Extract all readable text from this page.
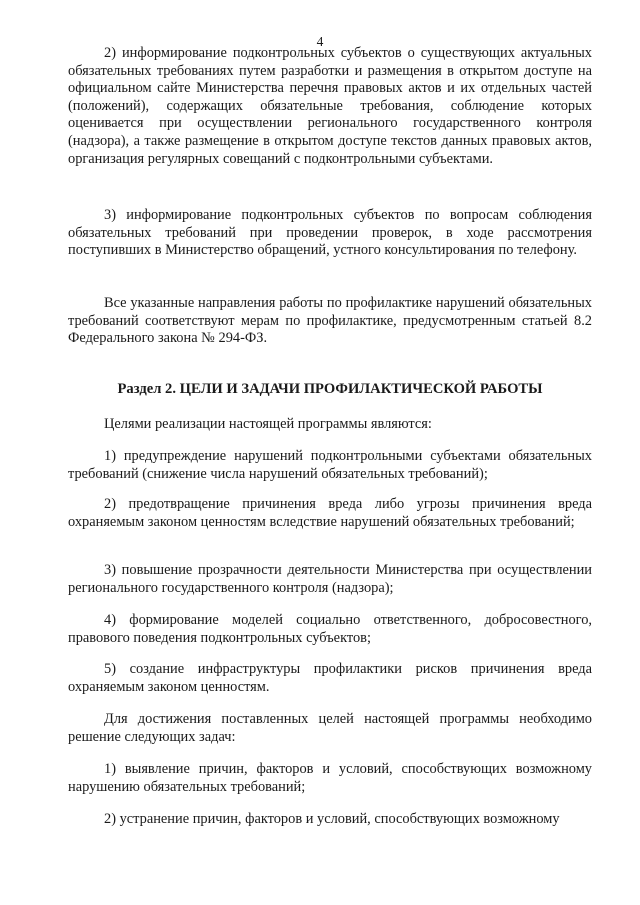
4

2) информирование подконтрольных субъектов о существующих актуальных обязательных требованиях путем разработки и размещения в открытом доступе на официальном сайте Министерства перечня правовых актов и их отдельных частей (положений), содержащих обязательные требования, соблюдение которых оценивается при осуществлении регионального государственного контроля (надзора), а также размещение в открытом доступе текстов данных правовых актов, организация регулярных совещаний с подконтрольными субъектами.

3) информирование подконтрольных субъектов по вопросам соблюдения обязательных требований при проведении проверок, в ходе рассмотрения поступивших в Министерство обращений, устного консультирования по телефону.

Все указанные направления работы по профилактике нарушений обязательных требований соответствуют мерам по профилактике, предусмотренным статьей 8.2 Федерального закона № 294-ФЗ.

Раздел 2. ЦЕЛИ И ЗАДАЧИ ПРОФИЛАКТИЧЕСКОЙ РАБОТЫ

Целями реализации настоящей программы являются:

1) предупреждение нарушений подконтрольными субъектами обязательных требований (снижение числа нарушений обязательных требований);

2) предотвращение причинения вреда либо угрозы причинения вреда охраняемым законом ценностям вследствие нарушений обязательных требований;

3) повышение прозрачности деятельности Министерства при осуществлении регионального государственного контроля (надзора);

4) формирование моделей социально ответственного, добросовестного, правового поведения подконтрольных субъектов;

5) создание инфраструктуры профилактики рисков причинения вреда охраняемым законом ценностям.

Для достижения поставленных целей настоящей программы необходимо решение следующих задач:

1) выявление причин, факторов и условий, способствующих возможному нарушению обязательных требований;

2) устранение причин, факторов и условий, способствующих возможному
